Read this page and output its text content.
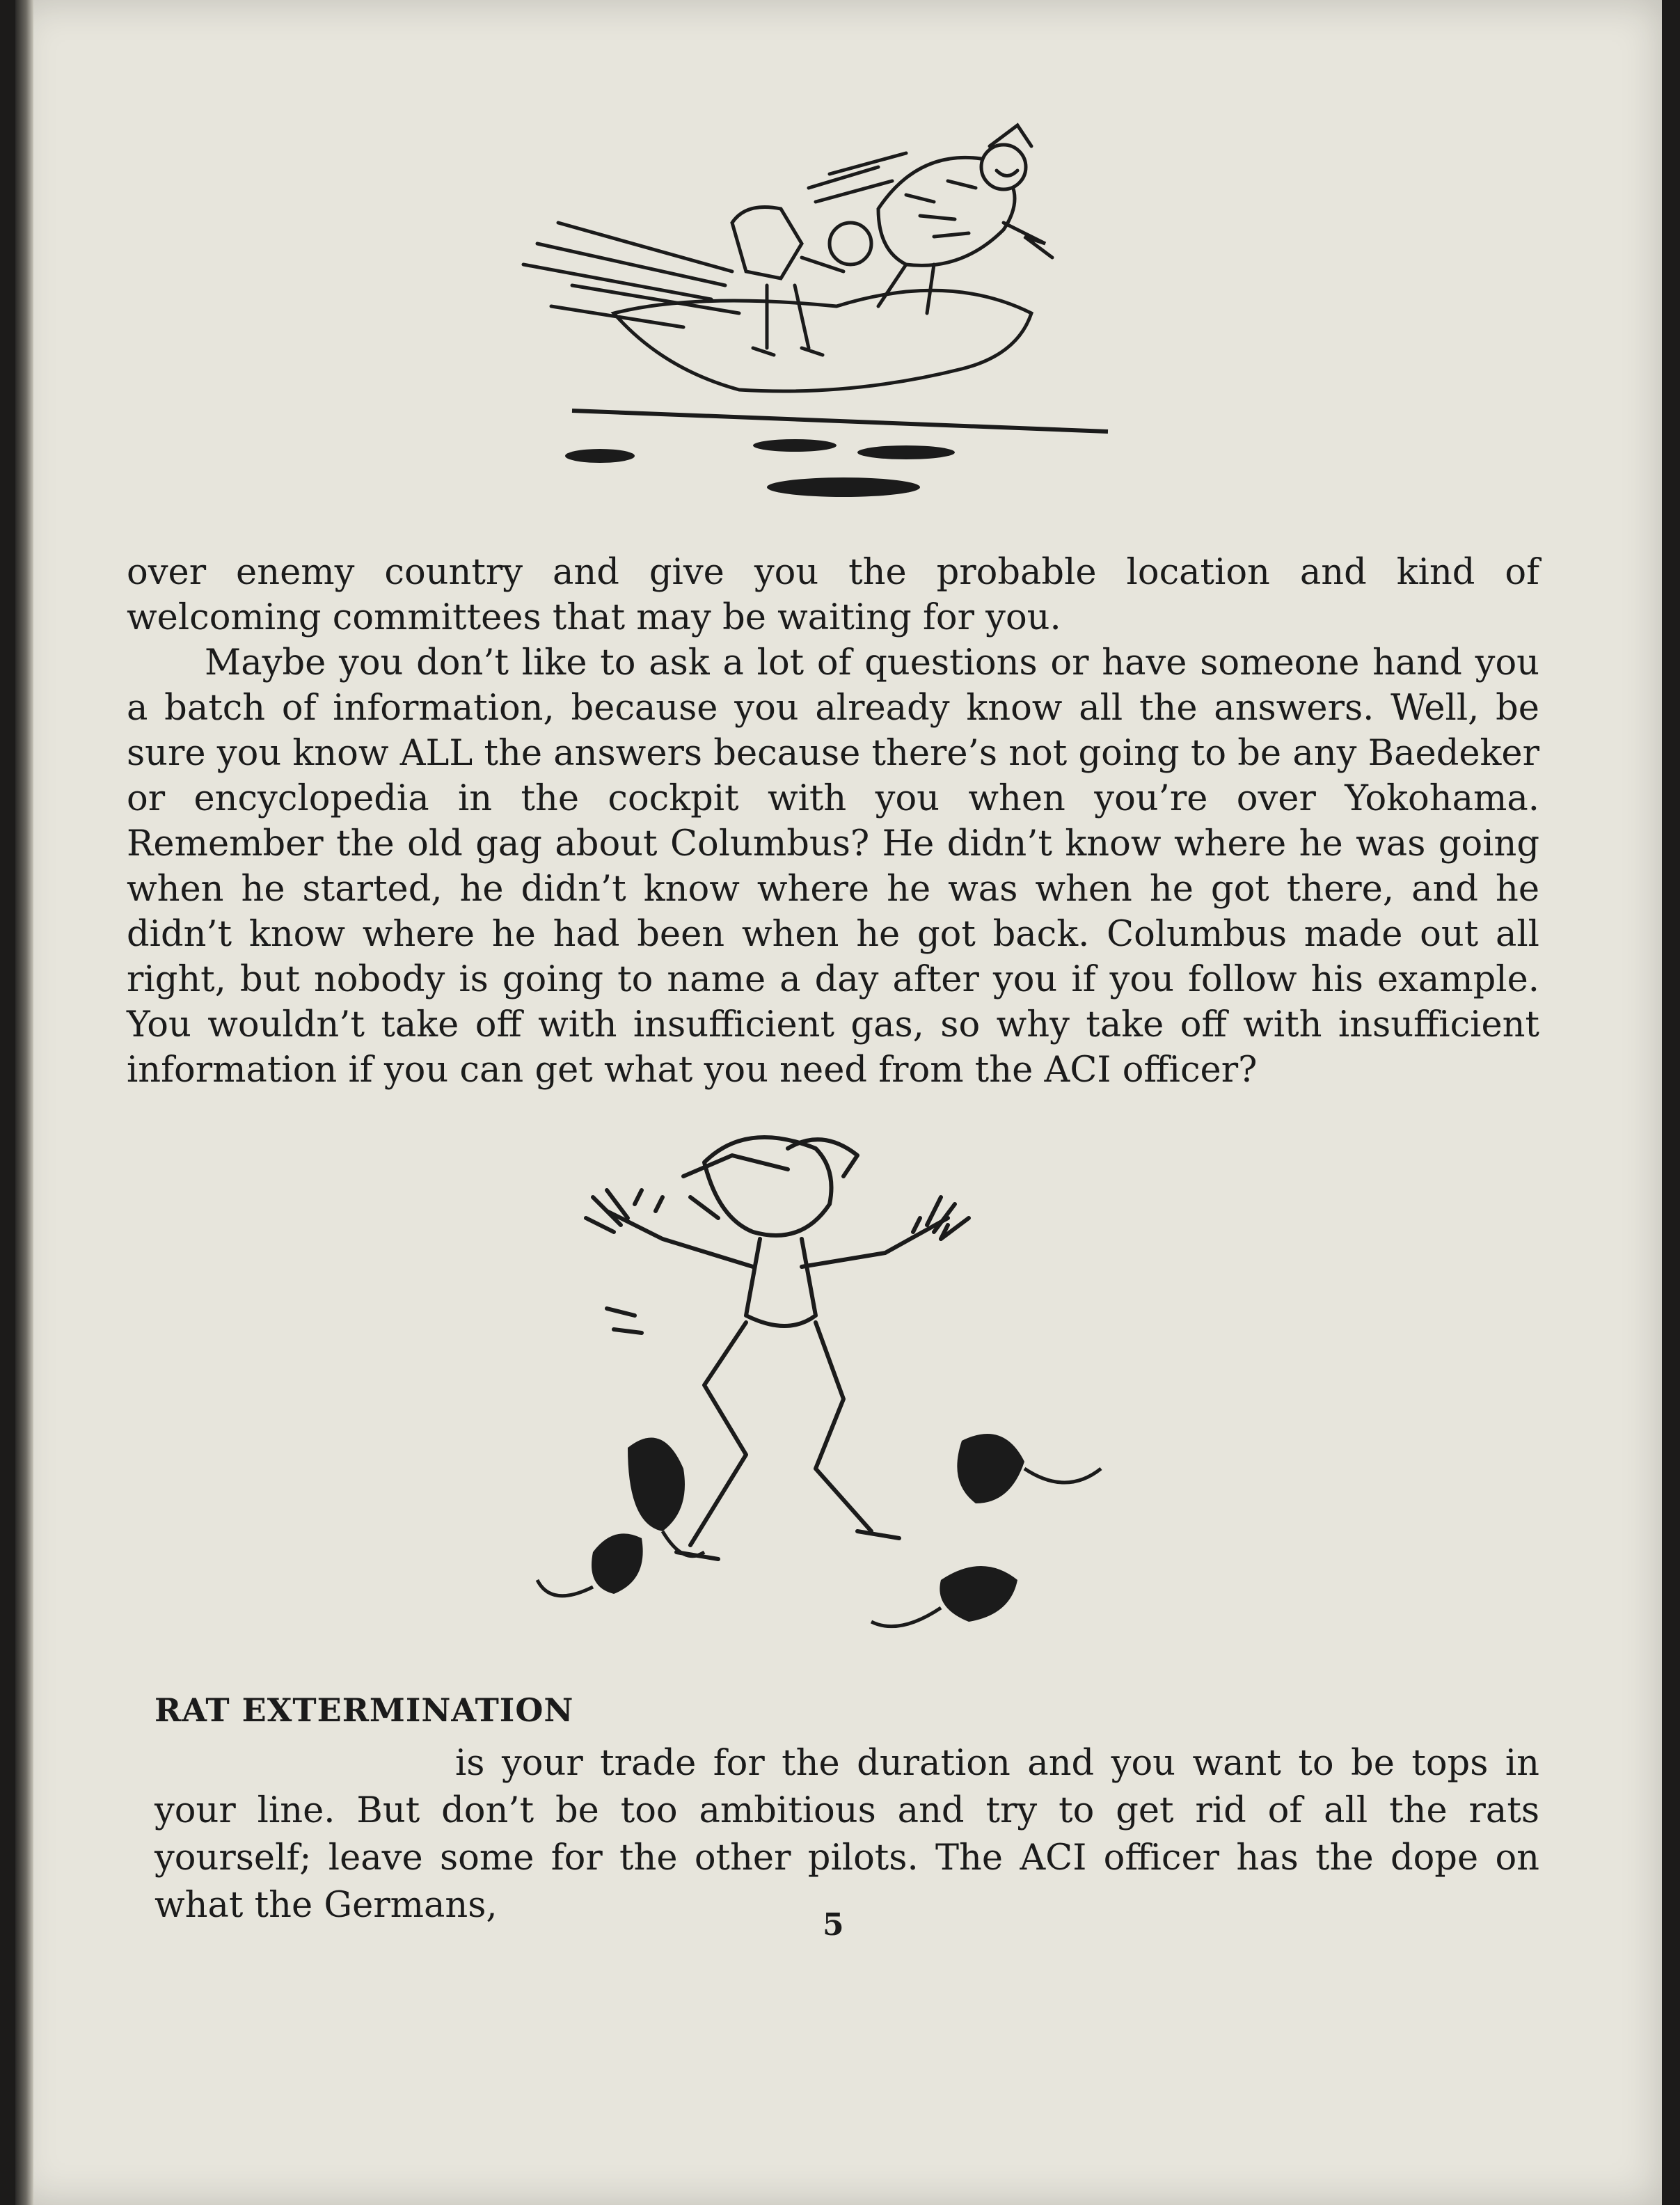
over enemy country and give you the probable location and kind of welcoming committees that may be waiting for you.

Maybe you don’t like to ask a lot of questions or have someone hand you a batch of information, because you already know all the answers. Well, be sure you know ALL the answers because there’s not going to be any Baedeker or encyclopedia in the cockpit with you when you’re over Yokohama. Remember the old gag about Columbus? He didn’t know where he was going when he started, he didn’t know where he was when he got there, and he didn’t know where he had been when he got back. Columbus made out all right, but nobody is going to name a day after you if you follow his example. You wouldn’t take off with insufficient gas, so why take off with insufficient information if you can get what you need from the ACI officer?

RAT EXTERMINATION
is your trade for the duration and you want to be tops in your line. But don’t be too ambitious and try to get rid of all the rats yourself; leave some for the other pilots. The ACI officer has the dope on what the Germans,	5
